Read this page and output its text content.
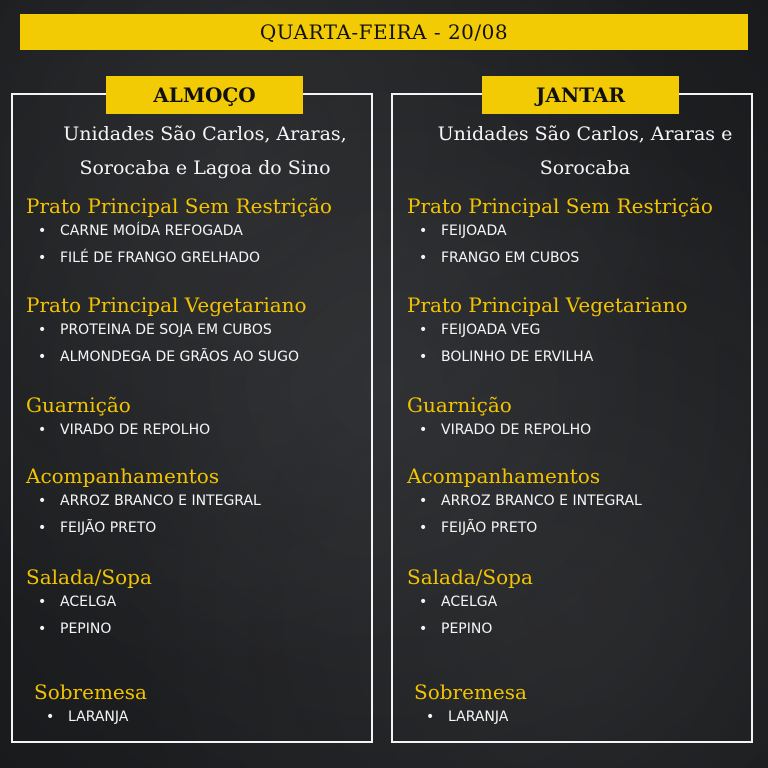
QUARTA-FEIRA - 20/08
ALMOÇO	JANTAR
Unidades São Carlos, Araras,
Sorocaba e Lagoa do Sino
Unidades São Carlos, Araras e
Sorocaba
Prato Principal Sem Restrição
• CARNE MOÍDA REFOGADA
• FILÉ DE FRANGO GRELHADO
Prato Principal Vegetariano
• PROTEINA DE SOJA EM CUBOS
• ALMONDEGA DE GRÃOS AO SUGO
Guarnição
• VIRADO DE REPOLHO
Acompanhamentos
• ARROZ BRANCO E INTEGRAL
• FEIJÃO PRETO
Salada/Sopa
• ACELGA
• PEPINO
Sobremesa
• LARANJA
Prato Principal Sem Restrição
• FEIJOADA
• FRANGO EM CUBOS
Prato Principal Vegetariano
• FEIJOADA VEG
• BOLINHO DE ERVILHA
Guarnição
• VIRADO DE REPOLHO
Acompanhamentos
• ARROZ BRANCO E INTEGRAL
• FEIJÃO PRETO
Salada/Sopa
• ACELGA
• PEPINO
Sobremesa
• LARANJA
